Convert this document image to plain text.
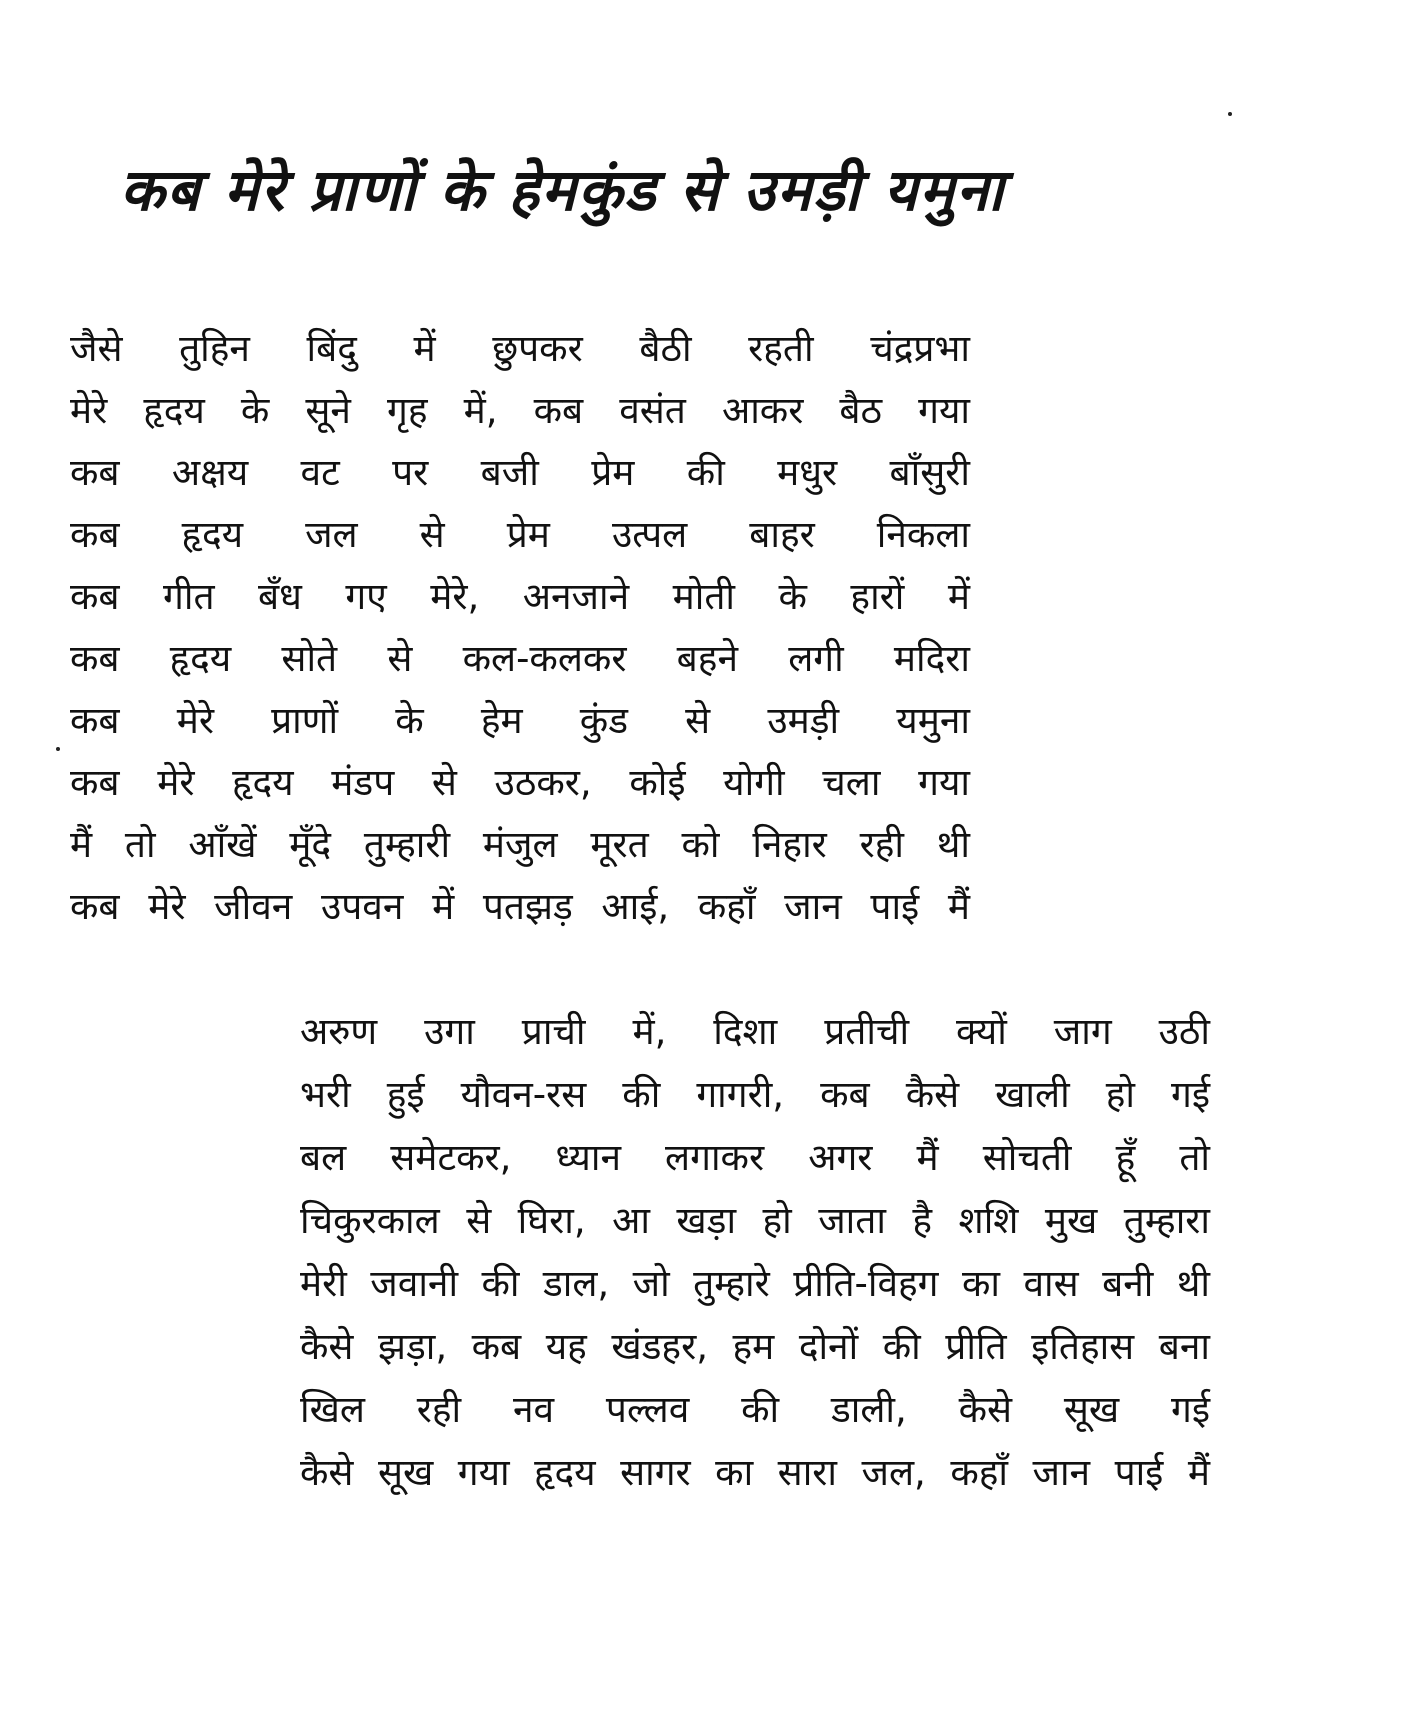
कब मेरे प्राणों के हेमकुंड से उमड़ी यमुना
जैसे तुहिन बिंदु में छुपकर बैठी रहती चंद्रप्रभा
मेरे हृदय के सूने गृह में, कब वसंत आकर बैठ गया
कब अक्षय वट पर बजी प्रेम की मधुर बाँसुरी
कब हृदय जल से प्रेम उत्पल बाहर निकला
कब गीत बँध गए मेरे, अनजाने मोती के हारों में
कब हृदय सोते से कल-कलकर बहने लगी मदिरा
कब मेरे प्राणों के हेम कुंड से उमड़ी यमुना
कब मेरे हृदय मंडप से उठकर, कोई योगी चला गया
मैं तो आँखें मूँदे तुम्हारी मंजुल मूरत को निहार रही थी
कब मेरे जीवन उपवन में पतझड़ आई, कहाँ जान पाई मैं
अरुण उगा प्राची में, दिशा प्रतीची क्यों जाग उठी
भरी हुई यौवन-रस की गागरी, कब कैसे खाली हो गई
बल समेटकर, ध्यान लगाकर अगर मैं सोचती हूँ तो
चिकुरकाल से घिरा, आ खड़ा हो जाता है शशि मुख तुम्हारा
मेरी जवानी की डाल, जो तुम्हारे प्रीति-विहग का वास बनी थी
कैसे झड़ा, कब यह खंडहर, हम दोनों की प्रीति इतिहास बना
खिल रही नव पल्लव की डाली, कैसे सूख गई
कैसे सूख गया हृदय सागर का सारा जल, कहाँ जान पाई मैं
